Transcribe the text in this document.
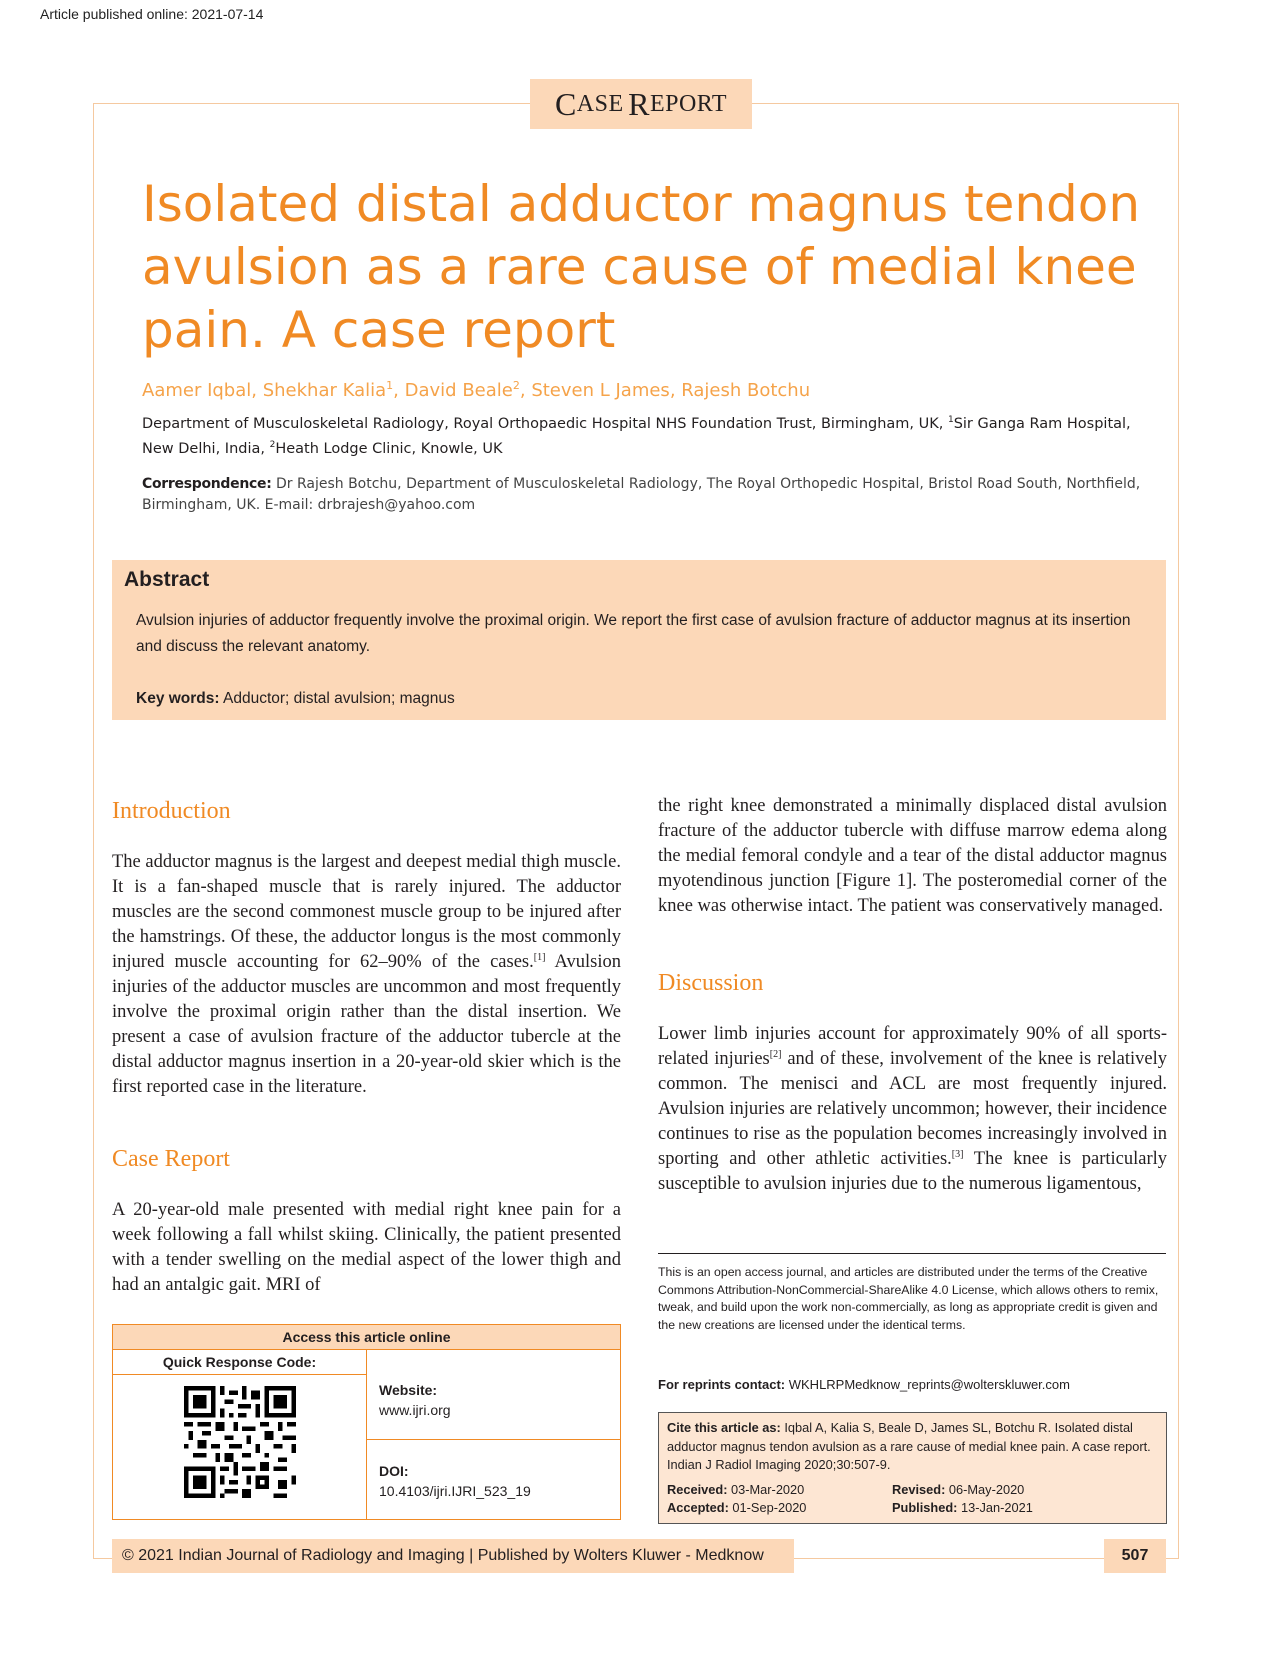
Article published online: 2021-07-14
C ASE
R EPORT
Isolated distal adductor magnus tendon avulsion as a rare cause of medial knee pain. A case report
Aamer Iqbal, Shekhar Kalia$^1$, David Beale$^2$, Steven L James, Rajesh Botchu
Department of Musculoskeletal Radiology, Royal Orthopaedic Hospital NHS Foundation Trust, Birmingham, UK, $^1$Sir Ganga Ram Hospital, New Delhi, India, $^2$Heath Lodge Clinic, Knowle, UK
Correspondence: Dr Rajesh Botchu, Department of Musculoskeletal Radiology, The Royal Orthopedic Hospital, Bristol Road South, Northfield, Birmingham, UK. E-mail: drbrajesh@yahoo.com
Abstract
Avulsion injuries of adductor frequently involve the proximal origin. We report the first case of avulsion fracture of adductor magnus at its insertion and discuss the relevant anatomy.
Key words: Adductor; distal avulsion; magnus
Introduction

The adductor magnus is the largest and deepest medial thigh muscle. It is a fan-shaped muscle that is rarely injured. The adductor muscles are the second commonest muscle group to be injured after the hamstrings. Of these, the adductor longus is the most commonly injured muscle accounting for 62–90% of the cases.[1] Avulsion injuries of the adductor muscles are uncommon and most frequently involve the proximal origin rather than the distal insertion. We present a case of avulsion fracture of the adductor tubercle at the distal adductor magnus insertion in a 20-year-old skier which is the first reported case in the literature.

Case Report

A 20-year-old male presented with medial right knee pain for a week following a fall whilst skiing. Clinically, the patient presented with a tender swelling on the medial aspect of the lower thigh and had an antalgic gait. MRI of

the right knee demonstrated a minimally displaced distal avulsion fracture of the adductor tubercle with diffuse marrow edema along the medial femoral condyle and a tear of the distal adductor magnus myotendinous junction [Figure 1]. The posteromedial corner of the knee was otherwise intact. The patient was conservatively managed.

Discussion

Lower limb injuries account for approximately 90% of all sports-related injuries[2] and of these, involvement of the knee is relatively common. The menisci and ACL are most frequently injured. Avulsion injuries are relatively uncommon; however, their incidence continues to rise as the population becomes increasingly involved in sporting and other athletic activities.[3] The knee is particularly susceptible to avulsion injuries due to the numerous ligamentous,

This is an open access journal, and articles are distributed under the terms of the Creative Commons Attribution-NonCommercial-ShareAlike 4.0 License, which allows others to remix, tweak, and build upon the work non-commercially, as long as appropriate credit is given and the new creations are licensed under the identical terms.
For reprints contact: WKHLRPMedknow_reprints@wolterskluwer.com
Cite this article as: Iqbal A, Kalia S, Beale D, James SL, Botchu R. Isolated distal adductor magnus tendon avulsion as a rare cause of medial knee pain. A case report. Indian J Radiol Imaging 2020;30:507-9.
Received: 03-Mar-2020	Revised: 06-May-2020
Accepted: 01-Sep-2020	Published: 13-Jan-2021
Access this article online
Quick Response Code:
Website:
www.ijri.org
DOI:
10.4103/ijri.IJRI_523_19
© 2021 Indian Journal of Radiology and Imaging | Published by Wolters Kluwer - Medknow	507
